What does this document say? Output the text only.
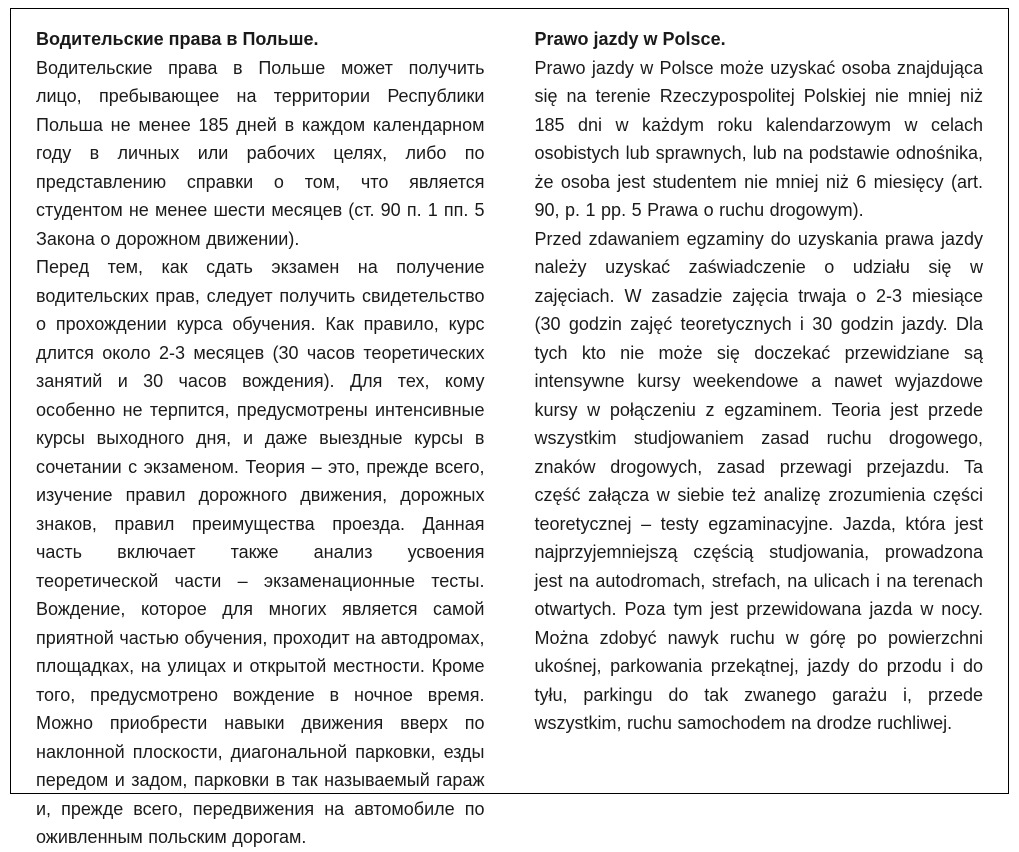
Водительские права в Польше.

Водительские права в Польше может получить лицо, пребывающее на территории Республики Польша не менее 185 дней в каждом календарном году в личных или рабочих целях, либо по представлению справки о том, что является студентом не менее шести месяцев (ст. 90 п. 1 пп. 5 Закона о дорожном движении).

Перед тем, как сдать экзамен на получение водительских прав, следует получить свидетельство о прохождении курса обучения. Как правило, курс длится около 2-3 месяцев (30 часов теоретических занятий и 30 часов вождения). Для тех, кому особенно не терпится, предусмотрены интенсивные курсы выходного дня, и даже выездные курсы в сочетании с экзаменом. Теория – это, прежде всего, изучение правил дорожного движения, дорожных знаков, правил преимущества проезда. Данная часть включает также анализ усвоения теоретической части – экзаменационные тесты. Вождение, которое для многих является самой приятной частью обучения, проходит на автодромах, площадках, на улицах и открытой местности. Кроме того, предусмотрено вождение в ночное время. Можно приобрести навыки движения вверх по наклонной плоскости, диагональной парковки, езды передом и задом, парковки в так называемый гараж и, прежде всего, передвижения на автомобиле по оживленным польским дорогам.

Prawo jazdy w Polsce.

Prawo jazdy w Polsce może uzyskać osoba znajdująca się na terenie Rzeczypospolitej Polskiej nie mniej niż 185 dni w każdym roku kalendarzowym w celach osobistych lub sprawnych, lub na podstawie odnośnika, że osoba jest studentem nie mniej niż 6 miesięcy (art. 90, p. 1 pp. 5 Prawa o ruchu drogowym).

Przed zdawaniem egzaminy do uzyskania prawa jazdy należy uzyskać zaświadczenie o udziału się w zajęciach. W zasadzie zajęcia trwaja o 2-3 miesiące (30 godzin zajęć teoretycznych i 30 godzin jazdy. Dla tych kto nie może się doczekać przewidziane są intensywne kursy weekendowe a nawet wyjazdowe kursy w połączeniu z egzaminem. Teoria jest przede wszystkim studjowaniem zasad ruchu drogowego, znaków drogowych, zasad przewagi przejazdu. Ta część załącza w siebie też analizę zrozumienia części teoretycznej – testy egzaminacyjne. Jazda, która jest najprzyjemniejszą częścią studjowania, prowadzona jest na autodromach, strefach, na ulicach i na terenach otwartych. Poza tym jest przewidowana jazda w nocy. Można zdobyć nawyk ruchu w górę po powierzchni ukośnej, parkowania przekątnej, jazdy do przodu i do tyłu, parkingu do tak zwanego garażu i, przede wszystkim, ruchu samochodem na drodze ruchliwej.
